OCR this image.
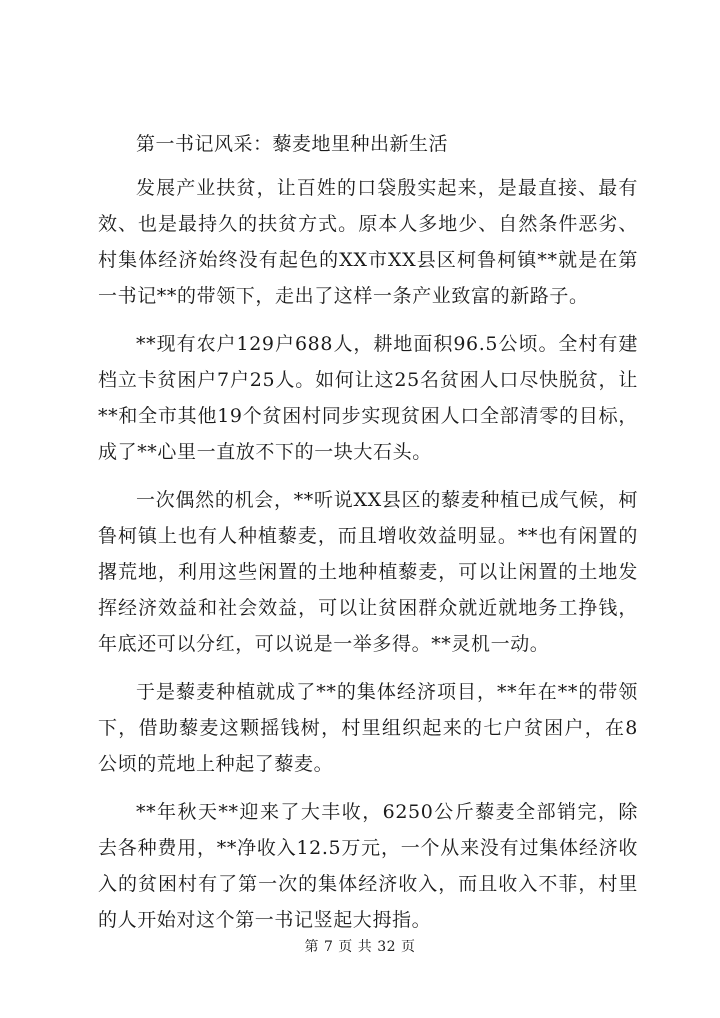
第一书记风采：藜麦地里种出新生活

发展产业扶贫，让百姓的口袋殷实起来，是最直接、最有效、也是最持久的扶贫方式。原本人多地少、自然条件恶劣、村集体经济始终没有起色的XX市XX县区柯鲁柯镇**就是在第一书记**的带领下，走出了这样一条产业致富的新路子。

**现有农户129户688人，耕地面积96.5公顷。全村有建档立卡贫困户7户25人。如何让这25名贫困人口尽快脱贫，让**和全市其他19个贫困村同步实现贫困人口全部清零的目标，成了**心里一直放不下的一块大石头。

一次偶然的机会，**听说XX县区的藜麦种植已成气候，柯鲁柯镇上也有人种植藜麦，而且增收效益明显。**也有闲置的撂荒地，利用这些闲置的土地种植藜麦，可以让闲置的土地发挥经济效益和社会效益，可以让贫困群众就近就地务工挣钱，年底还可以分红，可以说是一举多得。**灵机一动。

于是藜麦种植就成了**的集体经济项目，**年在**的带领下，借助藜麦这颗摇钱树，村里组织起来的七户贫困户，在8公顷的荒地上种起了藜麦。

**年秋天**迎来了大丰收，6250公斤藜麦全部销完，除去各种费用，**净收入12.5万元，一个从来没有过集体经济收入的贫困村有了第一次的集体经济收入，而且收入不菲，村里的人开始对这个第一书记竖起大拇指。

第 7 页 共 32 页
